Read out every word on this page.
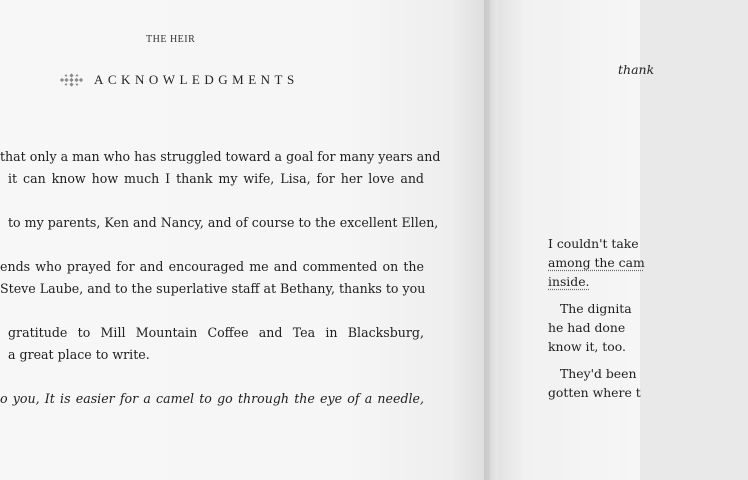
THE HEIR
ACKNOWLEDGMENTS

that only a man who has struggled toward a goal for many years and
it can know how much I thank my wife, Lisa, for her love and

to my parents, Ken and Nancy, and of course to the excellent Ellen,

ends who prayed for and encouraged me and commented on the
Steve Laube, and to the superlative staff at Bethany, thanks to you

gratitude to Mill Mountain Coffee and Tea in Blacksburg,
a great place to write.

o you, It is easier for a camel to go through the eye of a needle,

thank

I couldn't take
among the cam
inside.

The dignita
he had done
know it, too.

They'd been
gotten where t
